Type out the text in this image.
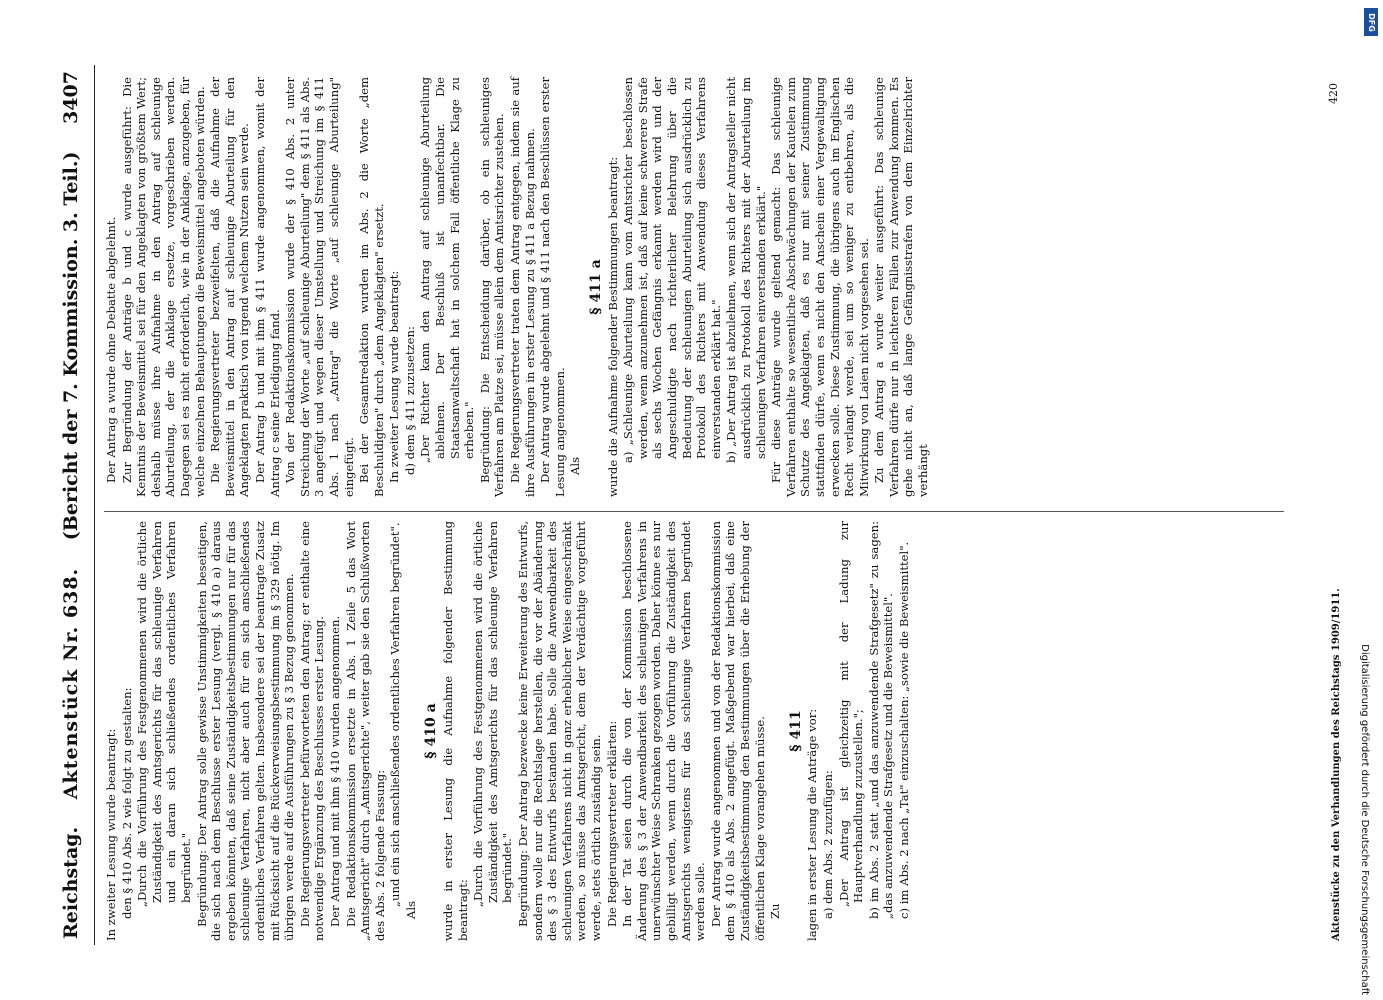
Reichstag.
Aktenstück Nr. 638.
(Bericht der 7. Kommission. 3. Teil.)
3407

In zweiter Lesung wurde beantragt: den § 410 Abs. 2 wie folgt zu gestalten: „Durch die Vorführung des Festgenommenen wird die örtliche Zuständigkeit des Amtsgerichts für das schleunige Verfahren und ein daran sich schließendes ordentliches Verfahren begründet." Begründung: Der Antrag solle gewisse Unstimmigkeiten beseitigen, die sich nach dem Beschlusse erster Lesung (vergl. § 410 a) daraus ergeben könnten, daß seine Zuständigkeitsbestimmungen nur für das schleunige Verfahren, nicht aber auch für ein sich anschließendes ordentliches Verfahren gelten. Insbesondere sei der beantragte Zusatz mit Rücksicht auf die Rückverweisungsbestimmung im § 329 nötig. Im übrigen werde auf die Ausführungen zu § 3 Bezug genommen. Die Regierungsvertreter befürworteten den Antrag; er enthalte eine notwendige Ergänzung des Beschlusses erster Lesung. Der Antrag und mit ihm § 410 wurden angenommen. Die Redaktionskommission ersetzte in Abs. 1 Zeile 5 das Wort „Amtsgericht" durch „Amtsgerichte", weiter gab sie den Schlußworten des Abs. 2 folgende Fassung: „und ein sich anschließendes ordentliches Verfahren begründet".

Als

§ 410 a wurde in erster Lesung die Aufnahme folgender Bestimmung beantragt:

„Durch die Vorführung des Festgenommenen wird die örtliche Zuständigkeit des Amtsgerichts für das schleunige Verfahren begründet." Begründung: Der Antrag bezwecke keine Erweiterung des Entwurfs, sondern wolle nur die Rechtslage herstellen, die vor der Abänderung des § 3 des Entwurfs bestanden habe. Solle die Anwendbarkeit des schleunigen Verfahrens nicht in ganz erheblicher Weise eingeschränkt werden, so müsse das Amtsgericht, dem der Verdächtige vorgeführt werde, stets örtlich zuständig sein. Die Regierungsvertreter erklärten: In der Tat seien durch die von der Kommission beschlossene Änderung des § 3 der Anwendbarkeit des schleunigen Verfahrens in unerwünschter Weise Schranken gezogen worden. Daher könne es nur gebilligt werden, wenn durch die Vorführung die Zuständigkeit des Amtsgerichts wenigstens für das schleunige Verfahren begründet werden solle. Der Antrag wurde angenommen und von der Redaktionskommission dem § 410 als Abs. 2 angefügt. Maßgebend war hierbei, daß eine Zuständigkeitsbestimmung den Bestimmungen über die Erhebung der öffentlichen Klage vorangehen müsse. Zu

§ 411 lagen in erster Lesung die Anträge vor: a) dem Abs. 2 zuzufügen: „Der Antrag ist gleichzeitig mit der Ladung zur Hauptverhandlung zuzustellen."; b) im Abs. 2 statt „und das anzuwendende Strafgesetz" zu sagen: „das anzuwendende Strafgesetz und die Beweismittel". c) im Abs. 2 nach „Tat" einzuschalten: „sowie die Beweismittel".

Der Antrag a wurde ohne Debatte abgelehnt. Zur Begründung der Anträge b und c wurde ausgeführt: Die Kenntnis der Beweismittel sei für den Angeklagten von größtem Wert; deshalb müsse ihre Aufnahme in den Antrag auf schleunige Aburteilung, der die Anklage ersetze, vorgeschrieben werden. Dagegen sei es nicht erforderlich, wie in der Anklage, anzugeben, für welche einzelnen Behauptungen die Beweismittel angeboten würden. Die Regierungsvertreter bezweifelten, daß die Aufnahme der Beweismittel in den Antrag auf schleunige Aburteilung für den Angeklagten praktisch von irgend welchem Nutzen sein werde. Der Antrag b und mit ihm § 411 wurde angenommen, womit der Antrag c seine Erledigung fand. Von der Redaktionskommission wurde der § 410 Abs. 2 unter Streichung der Worte „auf schleunige Aburteilung" dem § 411 als Abs. 3 angefügt und wegen dieser Umstellung und Streichung im § 411 Abs. 1 nach „Antrag" die Worte „auf schleunige Aburteilung" eingefügt. Bei der Gesamtredaktion wurden im Abs. 2 die Worte „dem Beschuldigten" durch „dem Angeklagten" ersetzt. In zweiter Lesung wurde beantragt: d) dem § 411 zuzusetzen: „Der Richter kann den Antrag auf schleunige Aburteilung ablehnen. Der Beschluß ist unanfechtbar. Die Staatsanwaltschaft hat in solchem Fall öffentliche Klage zu erheben." Begründung: Die Entscheidung darüber, ob ein schleuniges Verfahren am Platze sei, müsse allein dem Amtsrichter zustehen. Die Regierungsvertreter traten dem Antrag entgegen, indem sie auf ihre Ausführungen in erster Lesung zu § 411 a Bezug nahmen. Der Antrag wurde abgelehnt und § 411 nach den Beschlüssen erster Lesung angenommen. Als

§ 411 a wurde die Aufnahme folgender Bestimmungen beantragt: a) „Schleunige Aburteilung kann vom Amtsrichter beschlossen werden, wenn anzunehmen ist, daß auf keine schwerere Strafe als sechs Wochen Gefängnis erkannt werden wird und der Angeschuldigte nach richterlicher Belehrung über die Bedeutung der schleunigen Aburteilung sich ausdrücklich zu Protokoll des Richters mit Anwendung dieses Verfahrens einverstanden erklärt hat." b) „Der Antrag ist abzulehnen, wenn sich der Antragsteller nicht ausdrücklich zu Protokoll des Richters mit der Aburteilung im schleunigen Verfahren einverstanden erklärt." Für diese Anträge wurde geltend gemacht: Das schleunige Verfahren enthalte so wesentliche Abschwächungen der Kautelen zum Schutze des Angeklagten, daß es nur mit seiner Zustimmung stattfinden dürfe, wenn es nicht den Anschein einer Vergewaltigung erwecken solle. Diese Zustimmung, die übrigens auch im Englischen Recht verlangt werde, sei um so weniger zu entbehren, als die Mitwirkung von Laien nicht vorgesehen sei. Zu dem Antrag a wurde weiter ausgeführt: Das schleunige Verfahren dürfe nur in leichteren Fällen zur Anwendung kommen. Es gehe nicht an, daß lange Gefängnisstrafen von dem Einzelrichter verhängt

Aktenstücke zu den Verhandlungen des Reichstags 1909/1911.
420
DFG
Digitalisierung gefördert durch die Deutsche Forschungsgemeinschaft
